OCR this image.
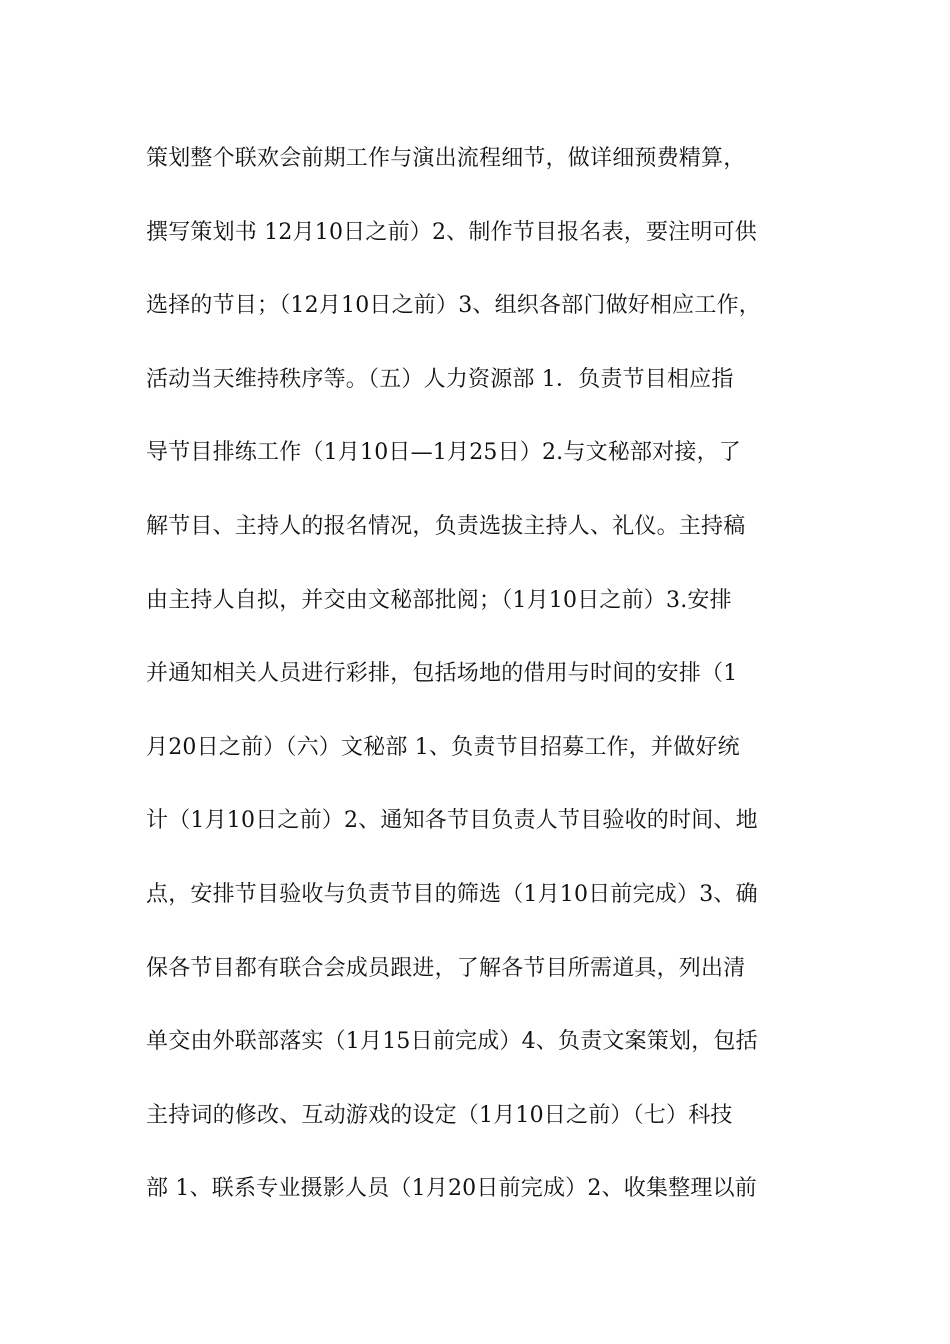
策划整个联欢会前期工作与演出流程细节，做详细预费精算，
撰写策划书 12月10日之前）2、制作节目报名表，要注明可供
选择的节目；（12月10日之前）3、组织各部门做好相应工作，
活动当天维持秩序等。（五）人力资源部 1．负责节目相应指
导节目排练工作（1月10日—1月25日）2.与文秘部对接，了
解节目、主持人的报名情况，负责选拔主持人、礼仪。主持稿
由主持人自拟，并交由文秘部批阅；（1月10日之前）3.安排
并通知相关人员进行彩排，包括场地的借用与时间的安排（1
月20日之前）（六）文秘部 1、负责节目招募工作，并做好统
计（1月10日之前）2、通知各节目负责人节目验收的时间、地
点，安排节目验收与负责节目的筛选（1月10日前完成）3、确
保各节目都有联合会成员跟进，了解各节目所需道具，列出清
单交由外联部落实（1月15日前完成）4、负责文案策划，包括
主持词的修改、互动游戏的设定（1月10日之前）（七）科技
部 1、联系专业摄影人员（1月20日前完成）2、收集整理以前
